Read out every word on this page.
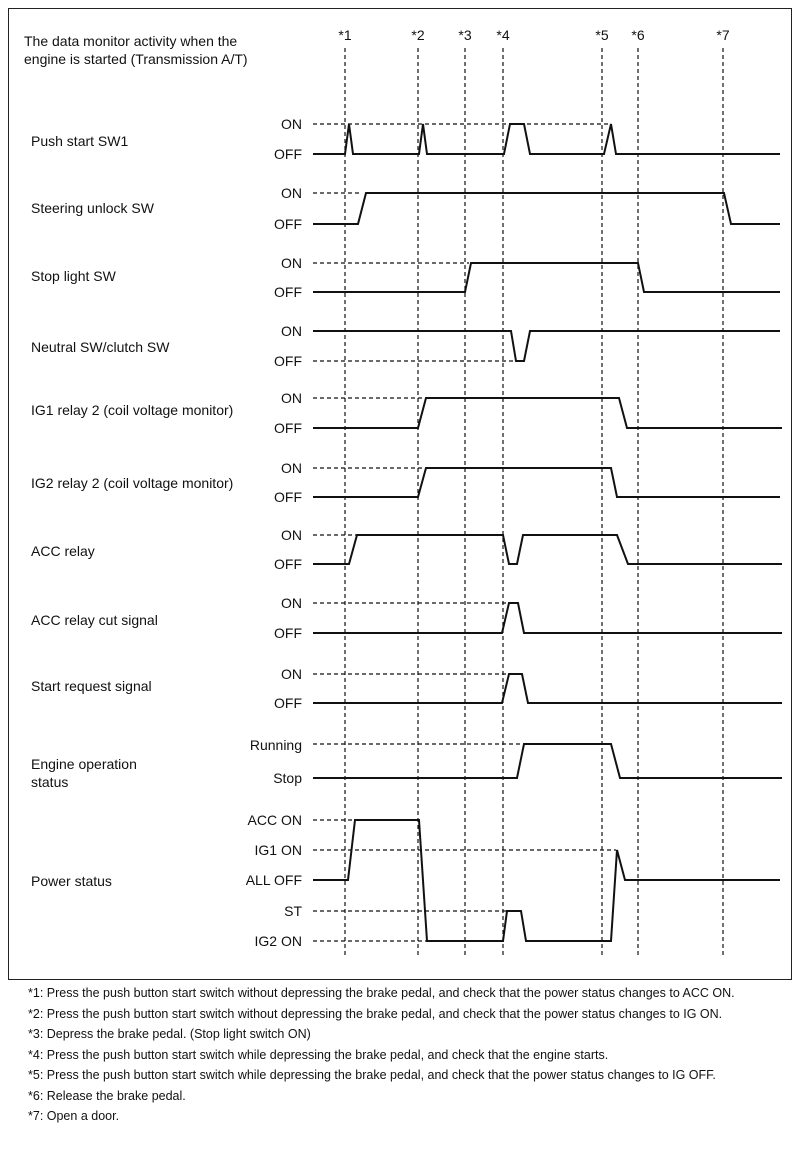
The data monitor activity when the
engine is started (Transmission A/T)
*1	*2 *3 *4	*5 *6	*7
Push start SW1
ON
OFF
Steering unlock SW
ON
OFF
Stop light SW
ON
OFF
Neutral SW/clutch SW
ON
OFF
IG1 relay 2 (coil voltage monitor)
ON
OFF
IG2 relay 2 (coil voltage monitor)
ON
OFF
ACC relay
ON
OFF
ACC relay cut signal
ON
OFF
Start request signal
ON
OFF
Engine operation
status
Running
Stop
Power status
ACC ON
IG1 ON
ALL OFF
ST
IG2 ON

*1: Press the push button start switch without depressing the brake pedal, and check that the power status changes to ACC ON.

*2: Press the push button start switch without depressing the brake pedal, and check that the power status changes to IG ON.

*3: Depress the brake pedal. (Stop light switch ON)

*4: Press the push button start switch while depressing the brake pedal, and check that the engine starts.

*5: Press the push button start switch while depressing the brake pedal, and check that the power status changes to IG OFF.

*6: Release the brake pedal.

*7: Open a door.
